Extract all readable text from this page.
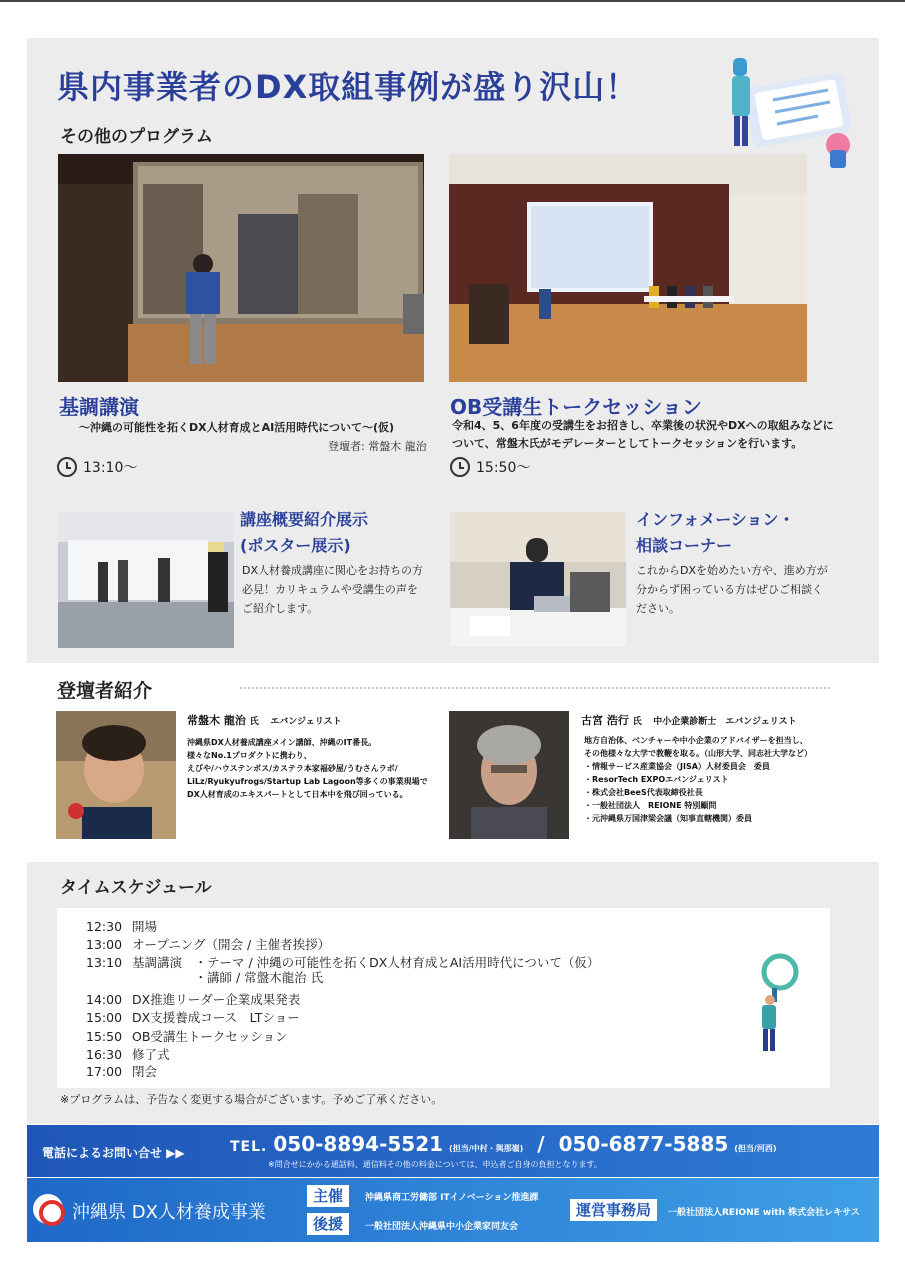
県内事業者のDX取組事例が盛り沢山！
その他のプログラム
基調講演
〜沖縄の可能性を拓くDX人材育成とAI活用時代について〜(仮)
登壇者: 常盤木 龍治
13:10〜
OB受講生トークセッション
令和4、5、6年度の受講生をお招きし、卒業後の状況やDXへの取組みなどに
ついて、常盤木氏がモデレーターとしてトークセッションを行います。
15:50〜
講座概要紹介展示
(ポスター展示)
DX人材養成講座に関心をお持ちの方
必見！カリキュラムや受講生の声を
ご紹介します。
インフォメーション・
相談コーナー
これからDXを始めたい方や、進め方が
分からず困っている方はぜひご相談く
ださい。
登壇者紹介
常盤木 龍治 氏 エバンジェリスト
沖縄県DX人材養成講座メイン講師、沖縄のIT番長。
様々なNo.1プロダクトに携わり、
えびや/ハウステンボス/カステラ本家福砂屋/うむさんラボ/
LiLz/Ryukyufrogs/Startup Lab Lagoon等多くの事業現場で
DX人材育成のエキスパートとして日本中を飛び回っている。
古宮 浩行 氏 中小企業診断士　エバンジェリスト
地方自治体、ベンチャーや中小企業のアドバイザーを担当し、
その他様々な大学で教鞭を取る。（山形大学、同志社大学など）
・情報サービス産業協会（JISA）人材委員会　委員
・ResorTech EXPOエバンジェリスト
・株式会社BeeS代表取締役社長
・一般社団法人　REIONE 特別顧問
・元沖縄県万国津梁会議（知事直轄機関）委員
タイムスケジュール
12:30 開場
13:00 オープニング（開会 / 主催者挨拶）
13:10 基調講演　・テーマ / 沖縄の可能性を拓くDX人材育成とAI活用時代について（仮）
　　　　　・講師 / 常盤木龍治 氏
14:00 DX推進リーダー企業成果発表
15:00 DX支援養成コース　LTショー
15:50 OB受講生トークセッション
16:30 修了式
17:00 閉会
※プログラムは、予告なく変更する場合がございます。予めご了承ください。
電話によるお問い合せ ▶▶	TEL. 050-8894-5521 (担当/中村・與那嶺) / 050-6877-5885 (担当/河西)
※問合せにかかる通話料、通信料その他の料金については、申込者ご自身の負担となります。
沖縄県 DX人材養成事業
主催	沖縄県商工労働部 ITイノベーション推進課
後援	一般社団法人沖縄県中小企業家同友会
運営事務局	一般社団法人REIONE with 株式会社レキサス
